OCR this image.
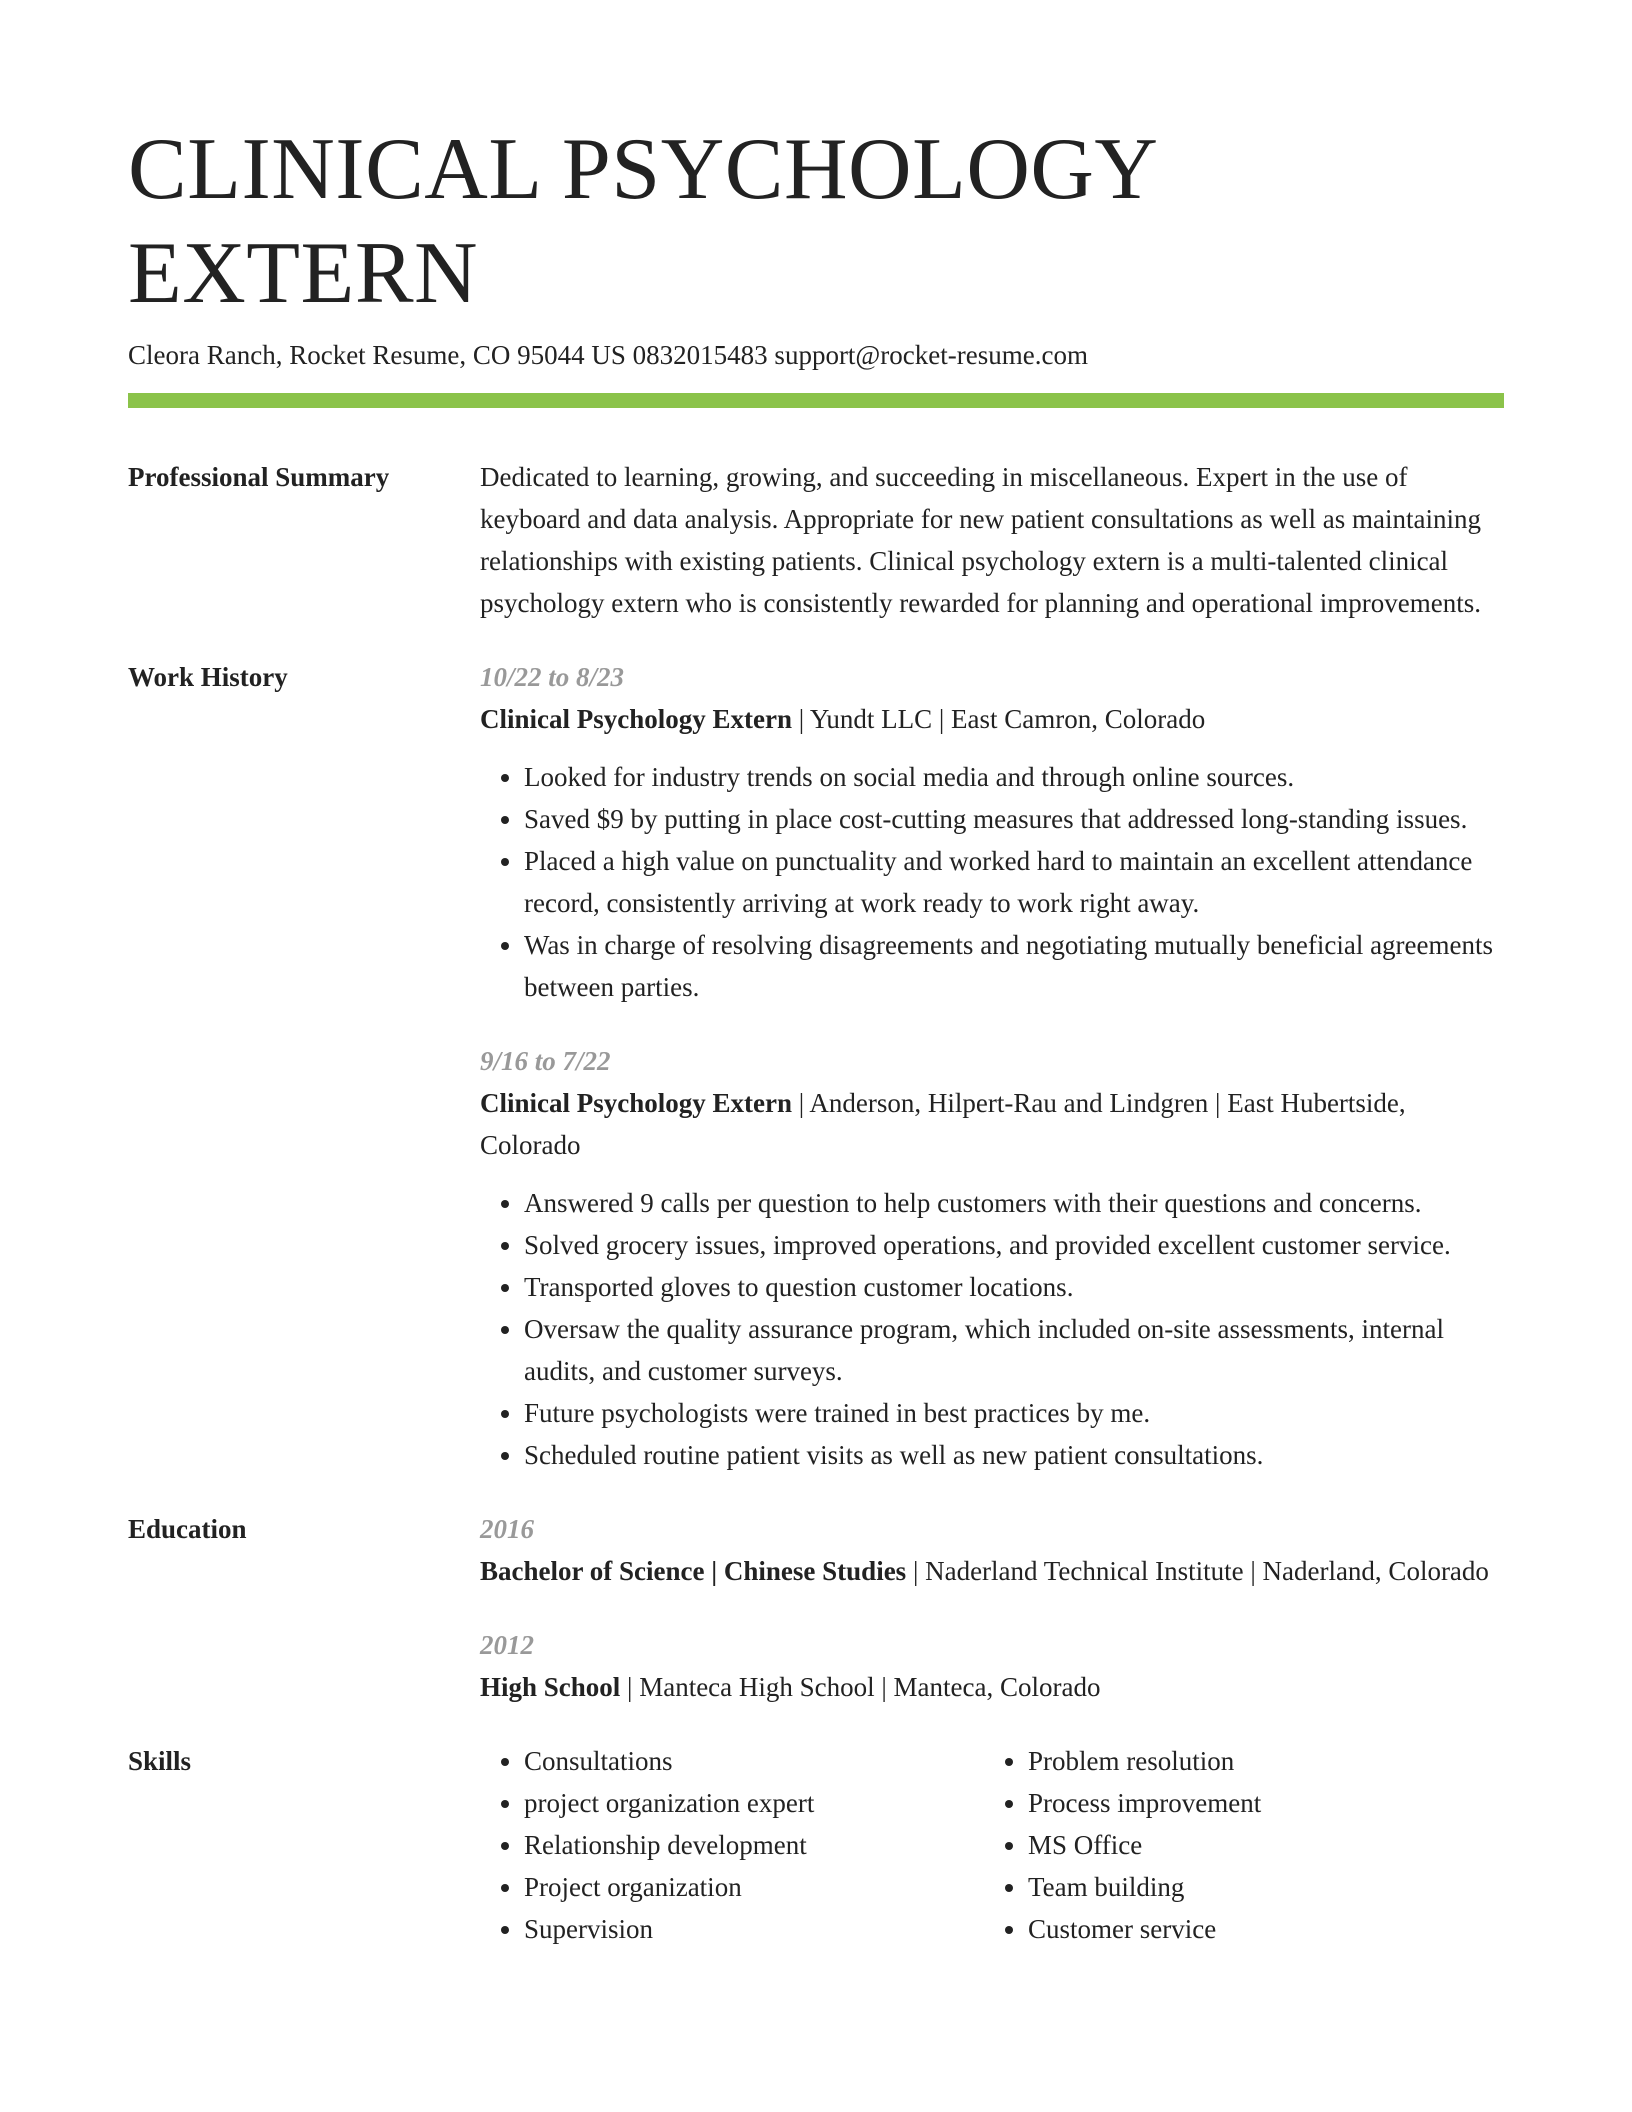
CLINICAL PSYCHOLOGY EXTERN
Cleora Ranch, Rocket Resume, CO 95044 US 0832015483 support@rocket-resume.com
Professional Summary	Dedicated to learning, growing, and succeeding in miscellaneous. Expert in the use of keyboard and data analysis. Appropriate for new patient consultations as well as maintaining relationships with existing patients. Clinical psychology extern is a multi-talented clinical psychology extern who is consistently rewarded for planning and operational improvements.
Work History	10/22 to 8/23
Clinical Psychology Extern | Yundt LLC | East Camron, Colorado
• Looked for industry trends on social media and through online sources.
• Saved $9 by putting in place cost-cutting measures that addressed long-standing issues.
• Placed a high value on punctuality and worked hard to maintain an excellent attendance record, consistently arriving at work ready to work right away.
• Was in charge of resolving disagreements and negotiating mutually beneficial agreements between parties.
9/16 to 7/22
Clinical Psychology Extern | Anderson, Hilpert-Rau and Lindgren | East Hubertside, Colorado
• Answered 9 calls per question to help customers with their questions and concerns.
• Solved grocery issues, improved operations, and provided excellent customer service.
• Transported gloves to question customer locations.
• Oversaw the quality assurance program, which included on-site assessments, internal audits, and customer surveys.
• Future psychologists were trained in best practices by me.
• Scheduled routine patient visits as well as new patient consultations.
Education	2016
Bachelor of Science | Chinese Studies | Naderland Technical Institute | Naderland, Colorado
2012
High School | Manteca High School | Manteca, Colorado
Skills
•	Consultations
• project organization expert
• Relationship development
• Project organization
• Supervision
• Problem resolution
• Process improvement
• MS Office
• Team building
• Customer service
